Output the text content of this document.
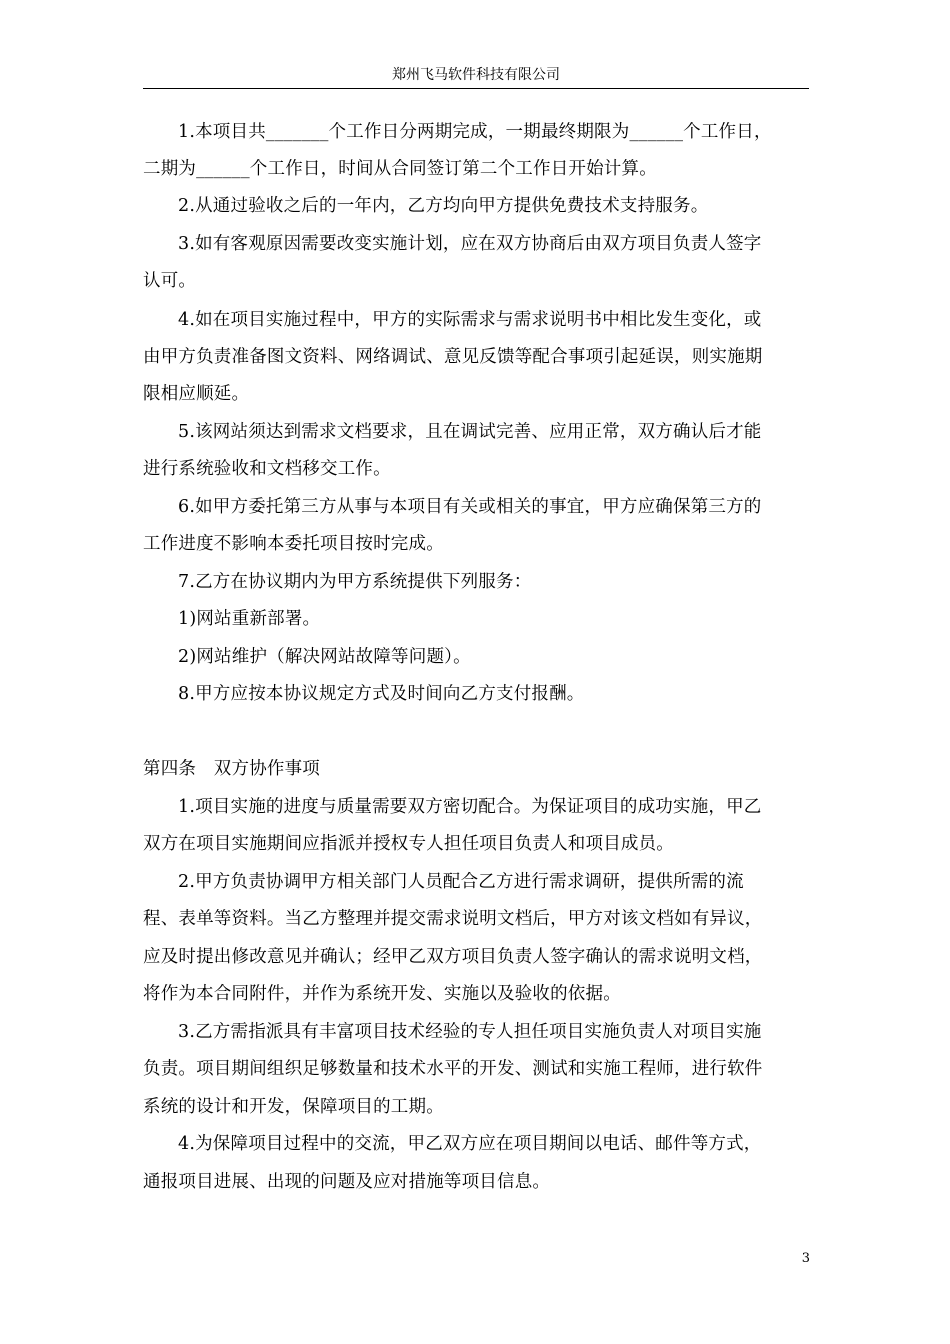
郑州飞马软件科技有限公司
1.本项目共_______个工作日分两期完成，一期最终期限为______个工作日，
二期为______个工作日，时间从合同签订第二个工作日开始计算。
2.从通过验收之后的一年内，乙方均向甲方提供免费技术支持服务。
3.如有客观原因需要改变实施计划，应在双方协商后由双方项目负责人签字
认可。
4.如在项目实施过程中，甲方的实际需求与需求说明书中相比发生变化，或
由甲方负责准备图文资料、网络调试、意见反馈等配合事项引起延误，则实施期
限相应顺延。
5.该网站须达到需求文档要求，且在调试完善、应用正常，双方确认后才能
进行系统验收和文档移交工作。
6.如甲方委托第三方从事与本项目有关或相关的事宜，甲方应确保第三方的
工作进度不影响本委托项目按时完成。
7.乙方在协议期内为甲方系统提供下列服务：
1)网站重新部署。
2)网站维护（解决网站故障等问题）。
8.甲方应按本协议规定方式及时间向乙方支付报酬。
第四条　双方协作事项
1.项目实施的进度与质量需要双方密切配合。为保证项目的成功实施，甲乙
双方在项目实施期间应指派并授权专人担任项目负责人和项目成员。
2.甲方负责协调甲方相关部门人员配合乙方进行需求调研，提供所需的流
程、表单等资料。当乙方整理并提交需求说明文档后，甲方对该文档如有异议，
应及时提出修改意见并确认；经甲乙双方项目负责人签字确认的需求说明文档，
将作为本合同附件，并作为系统开发、实施以及验收的依据。
3.乙方需指派具有丰富项目技术经验的专人担任项目实施负责人对项目实施
负责。项目期间组织足够数量和技术水平的开发、测试和实施工程师，进行软件
系统的设计和开发，保障项目的工期。
4.为保障项目过程中的交流，甲乙双方应在项目期间以电话、邮件等方式，
通报项目进展、出现的问题及应对措施等项目信息。
3
